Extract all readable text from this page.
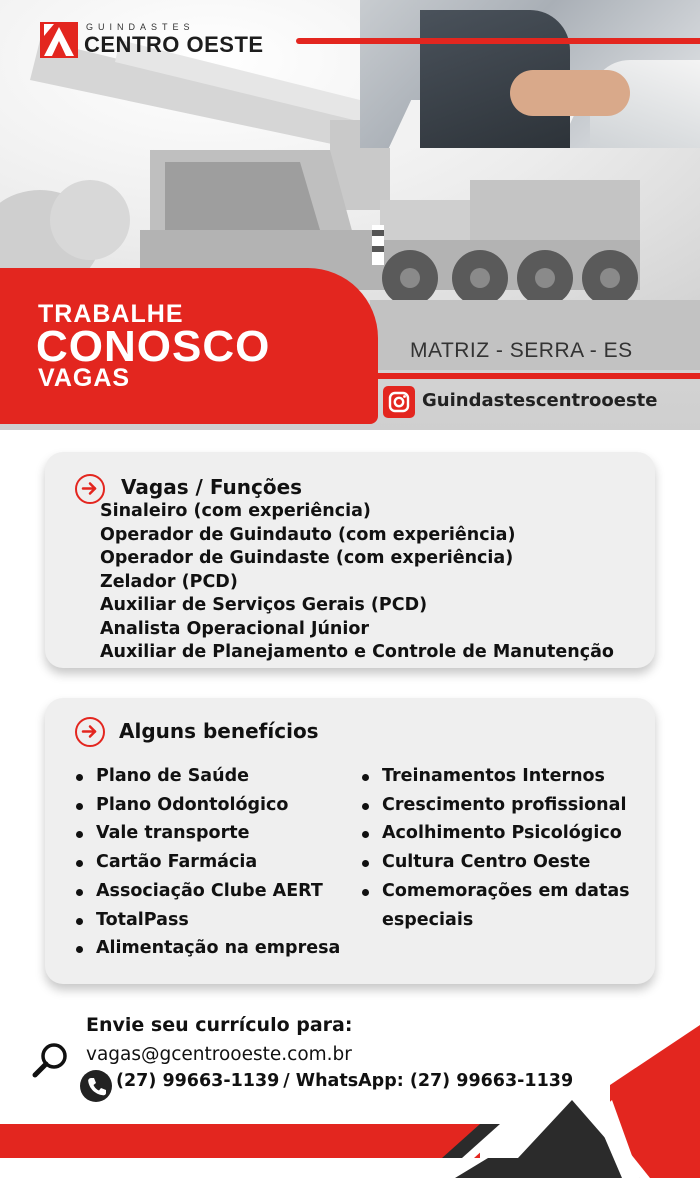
GUINDASTES
CENTRO OESTE
TRABALHE
CONOSCO
VAGAS
MATRIZ - SERRA - ES
Guindastescentrooeste
Vagas / Funções
Sinaleiro (com experiência)
Operador de Guindauto (com experiência)
Operador de Guindaste (com experiência)
Zelador (PCD)
Auxiliar de Serviços Gerais (PCD)
Analista Operacional Júnior
Auxiliar de Planejamento e Controle de Manutenção
Alguns benefícios
Plano de Saúde
Plano Odontológico
Vale transporte
Cartão Farmácia
Associação Clube AERT
TotalPass
Alimentação na empresa
Treinamentos Internos
Crescimento profissional
Acolhimento Psicológico
Cultura Centro Oeste
Comemorações em datas
especiais
Envie seu currículo para:
vagas@gcentrooeste.com.br
(27) 99663-1139 / WhatsApp: (27) 99663-1139
